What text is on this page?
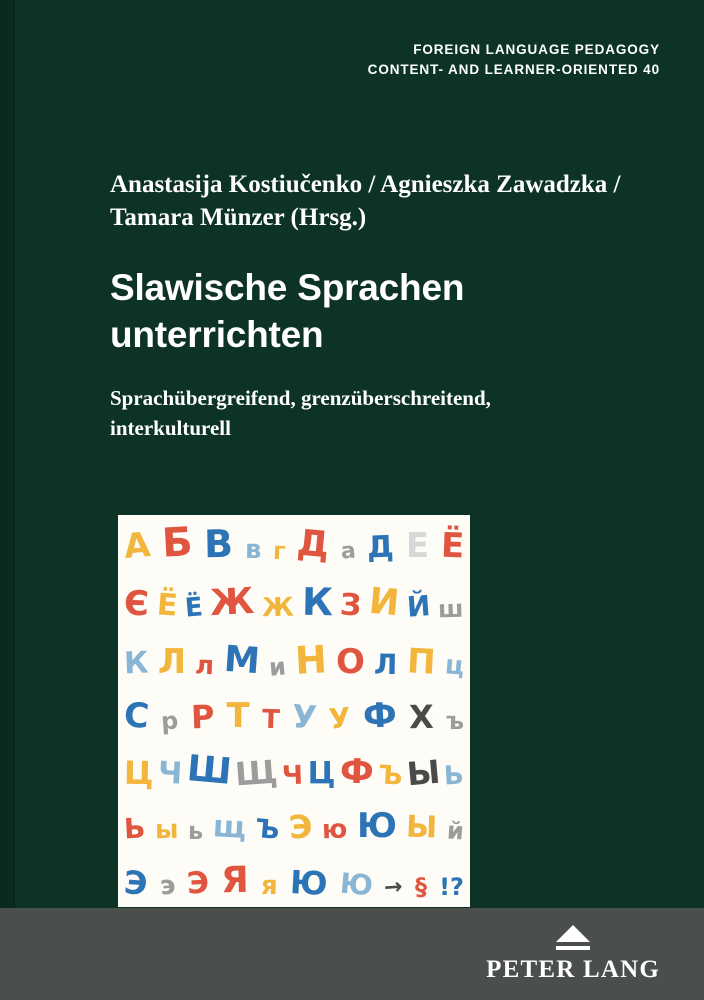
FOREIGN LANGUAGE PEDAGOGY
CONTENT- AND LEARNER-ORIENTED 40
Anastasija Kostiučenko / Agnieszka Zawadzka /
Tamara Münzer (Hrsg.)
Slawische Sprachen
unterrichten
Sprachübergreifend, grenzüberschreitend,
interkulturell
А Б В в г Д а Д Е Ё
Є Ё Ё Ж Ж К З И Й ш
К Л л М и Н О Л П ц
С р Р Т Т У У Ф Х ъ
Ц Ч Ш Щ Ч Ц Ф Ъ Ы Ь
Ь ы ь щ Ъ Э ю Ю Ы й
Э э Э Я я Ю Ю → § !?
PETER LANG
